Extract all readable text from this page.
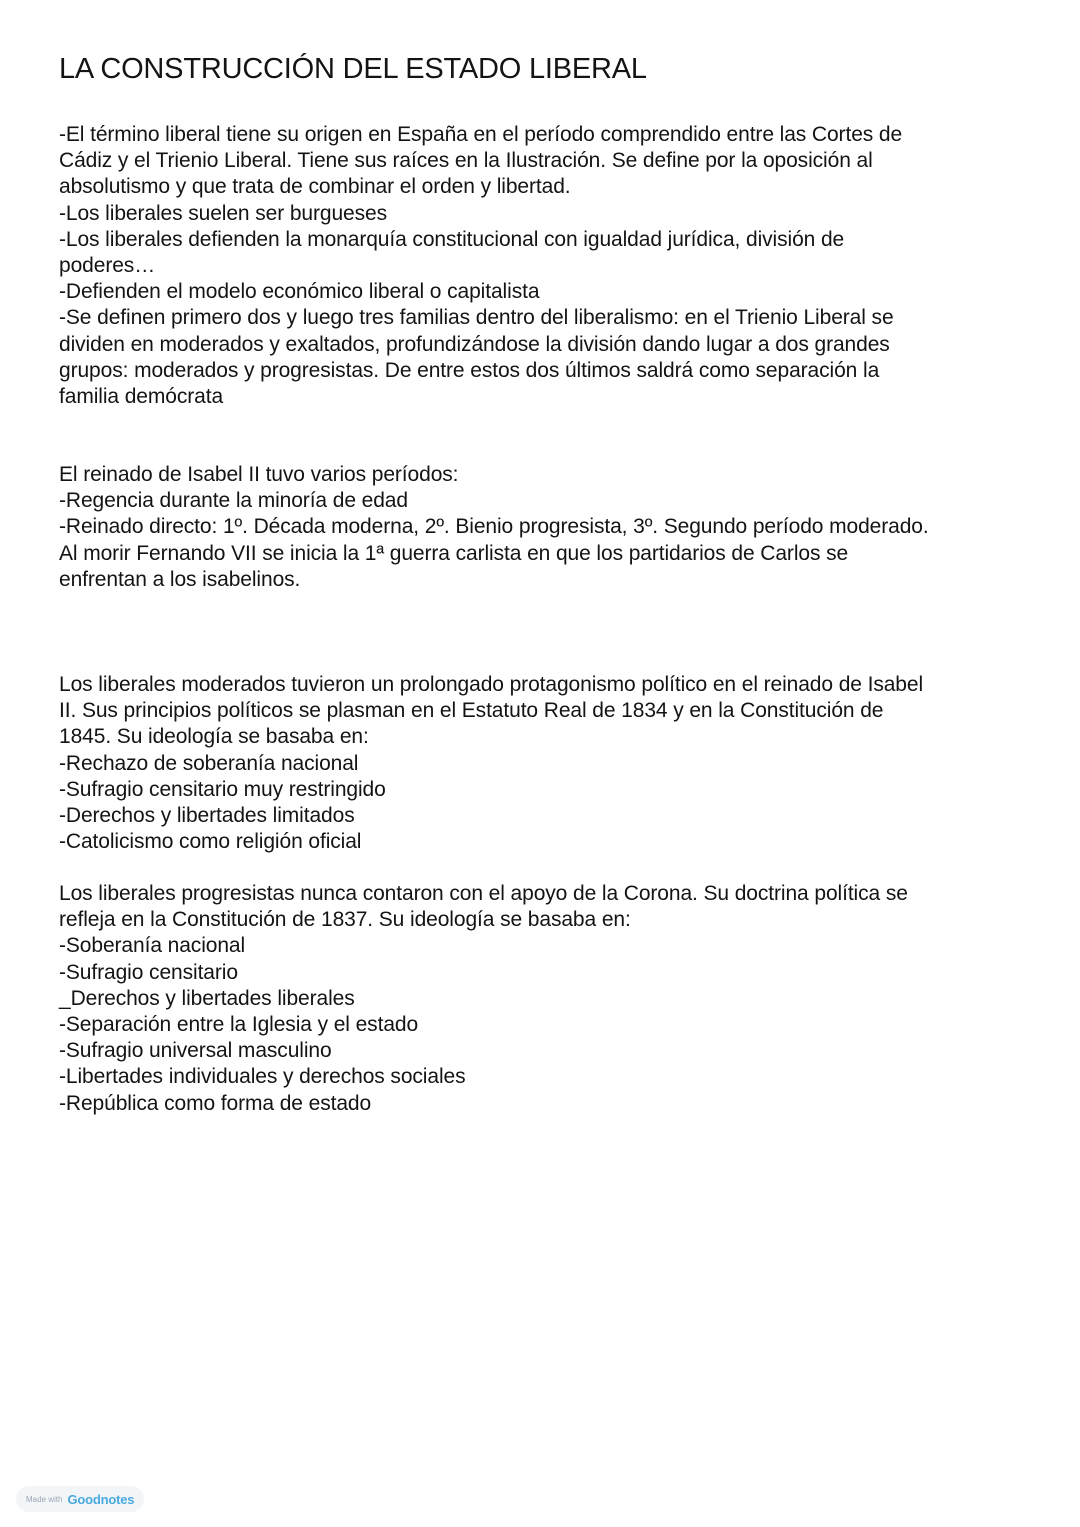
LA CONSTRUCCIÓN DEL ESTADO LIBERAL
-El término liberal tiene su origen en España en el período comprendido entre las Cortes de
Cádiz y el Trienio Liberal. Tiene sus raíces en la Ilustración. Se define por la oposición al
absolutismo y que trata de combinar el orden y libertad.
-Los liberales suelen ser burgueses
-Los liberales defienden la monarquía constitucional con igualdad jurídica, división de
poderes…
-Defienden el modelo económico liberal o capitalista
-Se definen primero dos y luego tres familias dentro del liberalismo: en el Trienio Liberal se
dividen en moderados y exaltados, profundizándose la división dando lugar a dos grandes
grupos: moderados y progresistas. De entre estos dos últimos saldrá como separación la
familia demócrata
El reinado de Isabel II tuvo varios períodos:
-Regencia durante la minoría de edad
-Reinado directo: 1º. Década moderna, 2º. Bienio progresista, 3º. Segundo período moderado.
Al morir Fernando VII se inicia la 1ª guerra carlista en que los partidarios de Carlos se
enfrentan a los isabelinos.
Los liberales moderados tuvieron un prolongado protagonismo político en el reinado de Isabel
II. Sus principios políticos se plasman en el Estatuto Real de 1834 y en la Constitución de
1845. Su ideología se basaba en:
-Rechazo de soberanía nacional
-Sufragio censitario muy restringido
-Derechos y libertades limitados
-Catolicismo como religión oficial
Los liberales progresistas nunca contaron con el apoyo de la Corona. Su doctrina política se
refleja en la Constitución de 1837. Su ideología se basaba en:
-Soberanía nacional
-Sufragio censitario
_Derechos y libertades liberales
-Separación entre la Iglesia y el estado
-Sufragio universal masculino
-Libertades individuales y derechos sociales
-República como forma de estado
Made with Goodnotes
